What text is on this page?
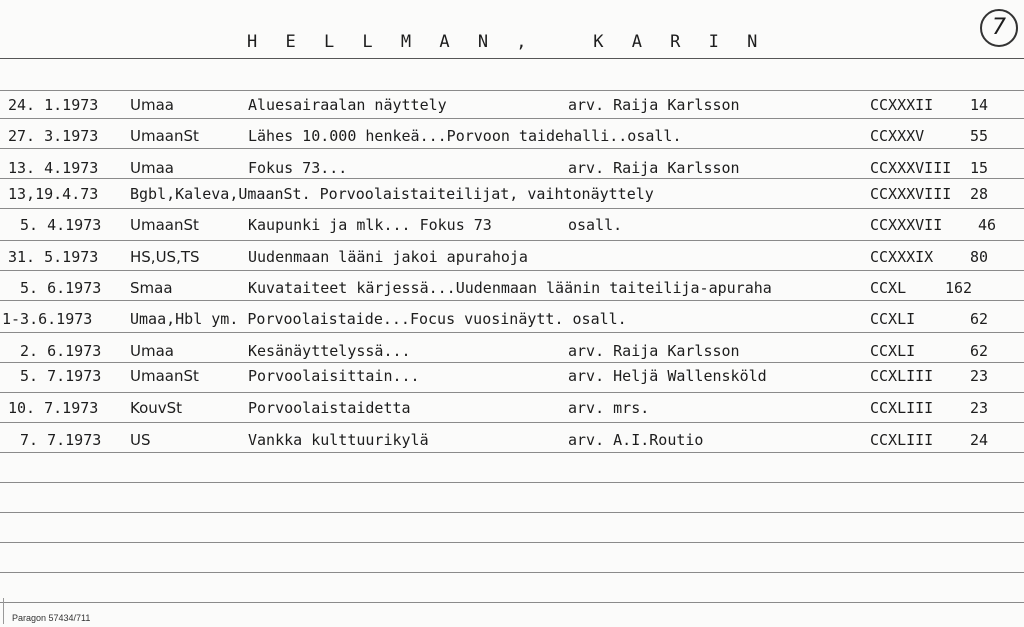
H E L L M A N ,   K A R I N
7
24. 1.1973 Umaa	Aluesairaalan näyttely	arv. Raija Karlsson	CCXXXII 14
27. 3.1973 UmaanSt	Lähes 10.000 henkeä...Porvoon taidehalli..osall.	CCXXXV	55
13. 4.1973 Umaa	Fokus 73...	arv. Raija Karlsson	CCXXXVIII 15
13,19.4.73 Bgbl,Kaleva,UmaanSt. Porvoolaistaiteilijat, vaihtonäyttely	CCXXXVIII 28
5. 4.1973 UmaanSt	Kaupunki ja mlk... Fokus 73	osall.	CCXXXVII 46
31. 5.1973 HS,US,TS	Uudenmaan lääni jakoi apurahoja	CCXXXIX 80
5. 6.1973 Smaa	Kuvataiteet kärjessä...Uudenmaan läänin taiteilija-apuraha	CCXL	162
1-3.6.1973	Umaa,Hbl ym. Porvoolaistaide...Focus vuosinäytt. osall.	CCXLI	62
2. 6.1973 Umaa	Kesänäyttelyssä...	arv. Raija Karlsson	CCXLI	62
5. 7.1973 UmaanSt	Porvoolaisittain...	arv. Heljä Wallensköld	CCXLIII 23
10. 7.1973 KouvSt	Porvoolaistaidetta	arv. mrs.	CCXLIII 23
7. 7.1973 US	Vankka kulttuurikylä	arv. A.I.Routio	CCXLIII 24
Paragon 57434/711
